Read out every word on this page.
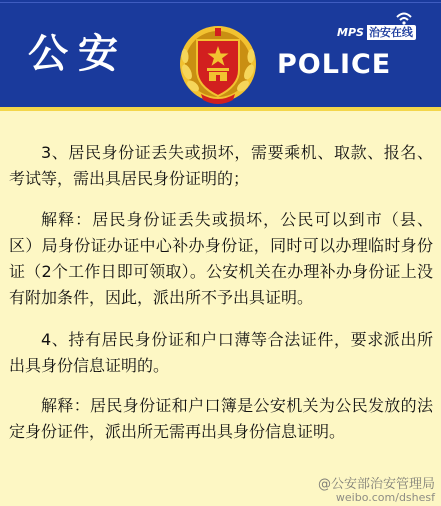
公安	MPS 治安在线
POLICE

3、居民身份证丢失或损坏，需要乘机、取款、报名、考试等，需出具居民身份证明的；

解释：居民身份证丢失或损坏，公民可以到市（县、区）局身份证办证中心补办身份证，同时可以办理临时身份证（2个工作日即可领取）。公安机关在办理补办身份证上没有附加条件，因此，派出所不予出具证明。

4、持有居民身份证和户口薄等合法证件，要求派出所出具身份信息证明的。

解释：居民身份证和户口簿是公安机关为公民发放的法定身份证件，派出所无需再出具身份信息证明。

@公安部治安管理局
weibo.com/dshesf
